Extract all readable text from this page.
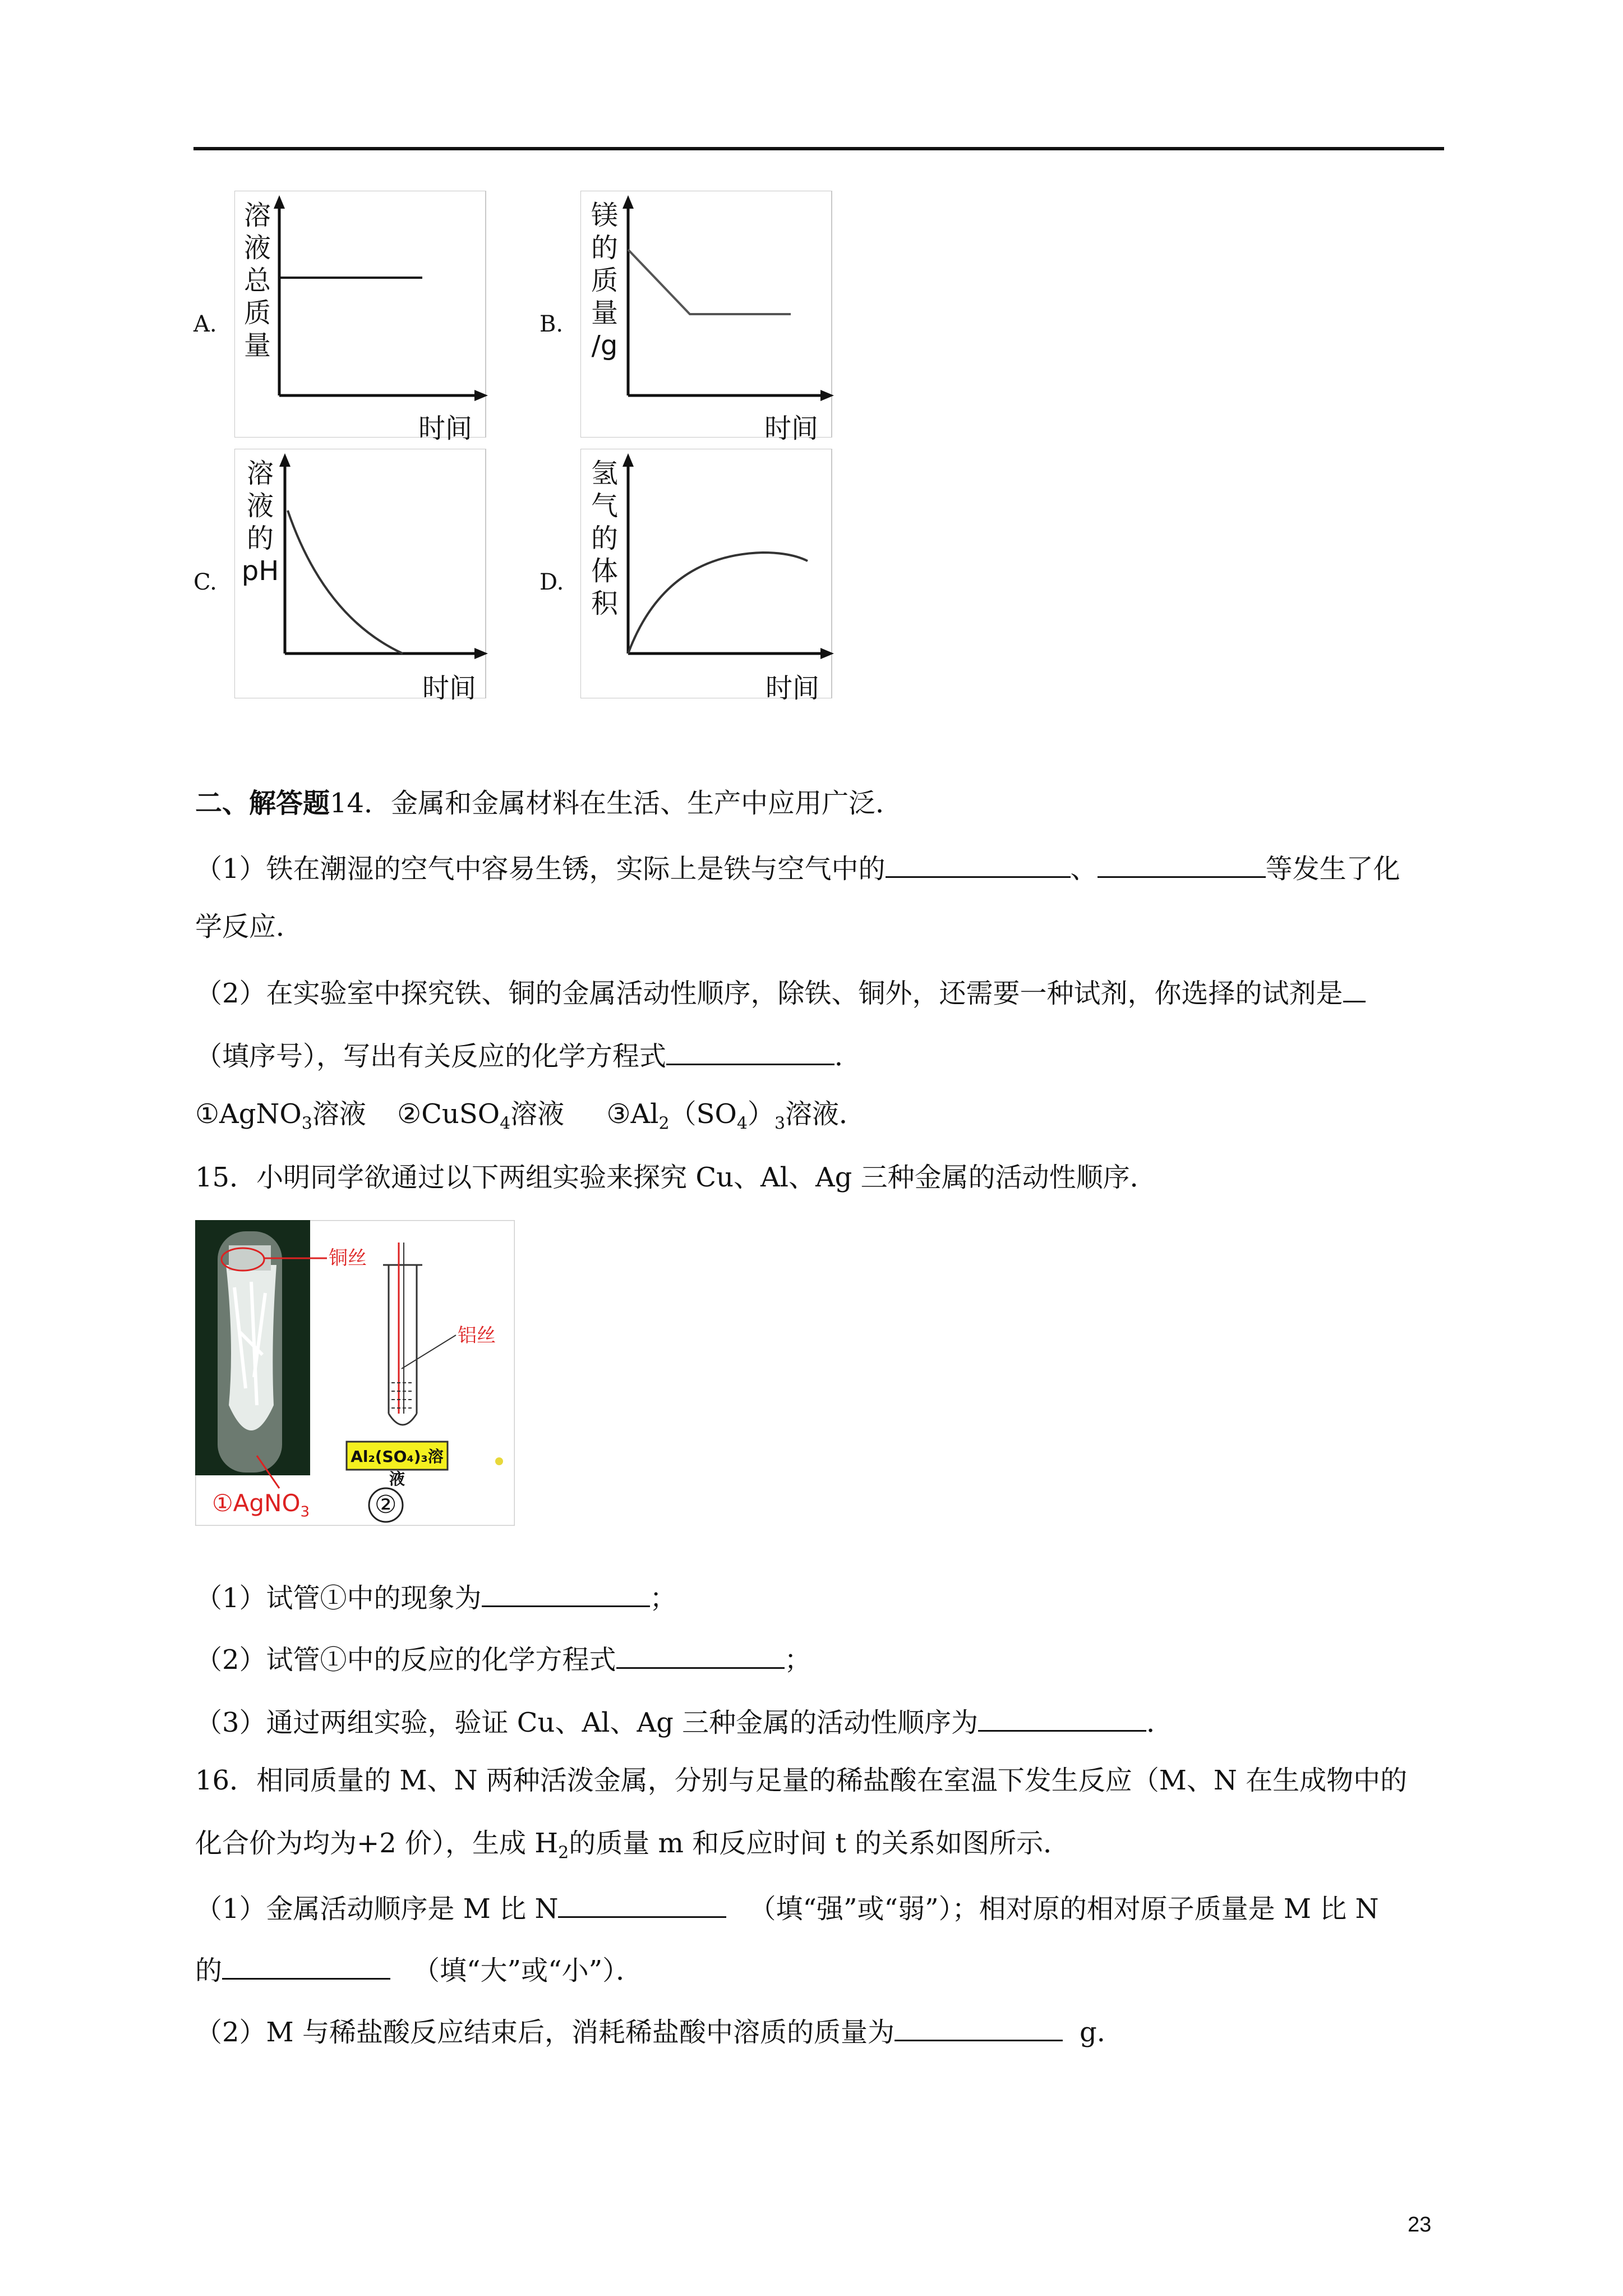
A.
溶
液
总
质
量
时间
B.
镁
的
质
量
/g
时间
C.
溶
液
的
pH
时间
D.
氢
气
的
体
积
时间
二、解答题14．金属和金属材料在生活、生产中应用广泛．
（1）铁在潮湿的空气中容易生锈，实际上是铁与空气中的	、	等发生了化
学反应．
（2）在实验室中探究铁、铜的金属活动性顺序，除铁、铜外，还需要一种试剂，你选择的试剂是
（填序号），写出有关反应的化学方程式	．
①AgNO$_3$溶液 ②CuSO$_4$溶液 $③Al_2(SO_4)_3$溶液．
15．小明同学欲通过以下两组实验来探究 Cu、Al、Ag 三种金属的活动性顺序．
铜丝
铝丝
Al₂(SO₄)₃溶液
①AgNO$_3$	②
（1）试管①中的现象为	；
（2）试管①中的反应的化学方程式	；
（3）通过两组实验，验证 Cu、Al、Ag 三种金属的活动性顺序为	．
16．相同质量的 M、N 两种活泼金属，分别与足量的稀盐酸在室温下发生反应（M、N 在生成物中的
化合价为均为+2 价），生成 $H_2$的质量 m 和反应时间 t 的关系如图所示．
（1）金属活动顺序是 M 比 N	（填“强”或“弱”）；相对原的相对原子质量是 M 比 N
的	（填“大”或“小”）．
（2）M 与稀盐酸反应结束后，消耗稀盐酸中溶质的质量为	g.
23
